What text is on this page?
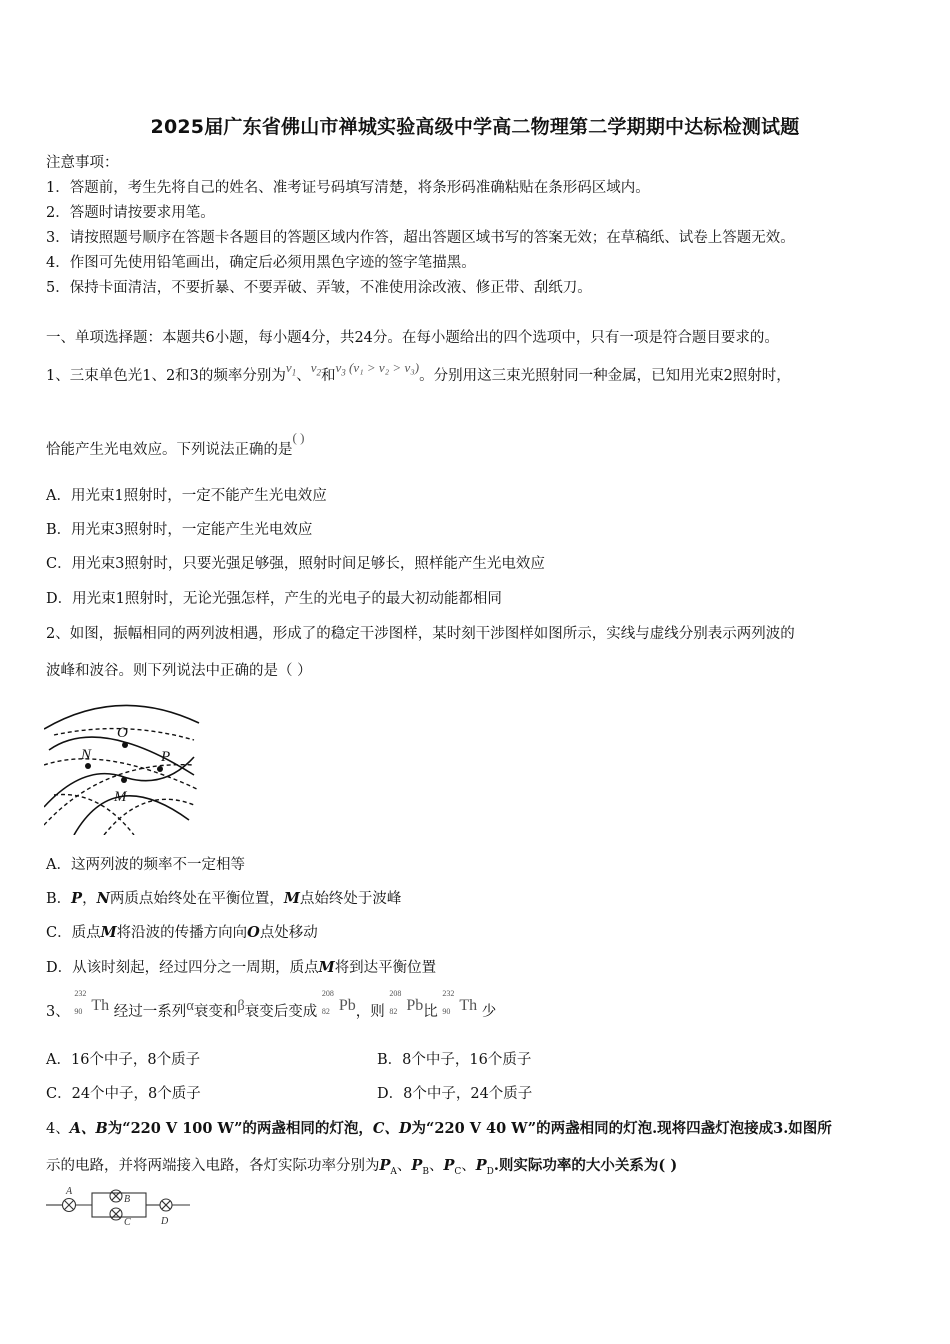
2025届广东省佛山市禅城实验高级中学高二物理第二学期期中达标检测试题
注意事项：
1．答题前，考生先将自己的姓名、准考证号码填写清楚，将条形码准确粘贴在条形码区域内。
2．答题时请按要求用笔。
3．请按照题号顺序在答题卡各题目的答题区域内作答，超出答题区域书写的答案无效；在草稿纸、试卷上答题无效。
4．作图可先使用铅笔画出，确定后必须用黑色字迹的签字笔描黑。
5．保持卡面清洁，不要折暴、不要弄破、弄皱，不准使用涂改液、修正带、刮纸刀。
一、单项选择题：本题共6小题，每小题4分，共24分。在每小题给出的四个选项中，只有一项是符合题目要求的。
1、三束单色光1、2和3的频率分别为$v_1$、$v_2$和$v_3$ (v₁ > v₂ > v₃)。分别用这三束光照射同一种金属，已知用光束2照射时，
恰能产生光电效应。下列说法正确的是( )
A．用光束1照射时，一定不能产生光电效应
B．用光束3照射时，一定能产生光电效应
C．用光束3照射时，只要光强足够强，照射时间足够长，照样能产生光电效应
D．用光束1照射时，无论光强怎样，产生的光电子的最大初动能都相同
2、如图，振幅相同的两列波相遇，形成了的稳定干涉图样，某时刻干涉图样如图所示，实线与虚线分别表示两列波的
波峰和波谷。则下列说法中正确的是（ ）
O
N	P
M
A．这两列波的频率不一定相等
B．P，N两质点始终处在平衡位置，M点始终处于波峰
C．质点M将沿波的传播方向向O点处移动
D．从该时刻起，经过四分之一周期，质点M将到达平衡位置
3、
232
90 Th 经过一系列α衰变和β衰变后变成
208
82 Pb，则
208
82 Pb比
232
90 Th 少
A．16个中子，8个质子	B．8个中子，16个质子
C．24个中子，8个质子	D．8个中子，24个质子
4、A、B为“220 V 100 W”的两盏相同的灯泡，C、D为“220 V 40 W”的两盏相同的灯泡.现将四盏灯泡接成3.如图所
示的电路，并将两端接入电路，各灯实际功率分别为$P_A$、$P_B$、$P_C$、$P_D$.则实际功率的大小关系为( )
A
B
C	D
